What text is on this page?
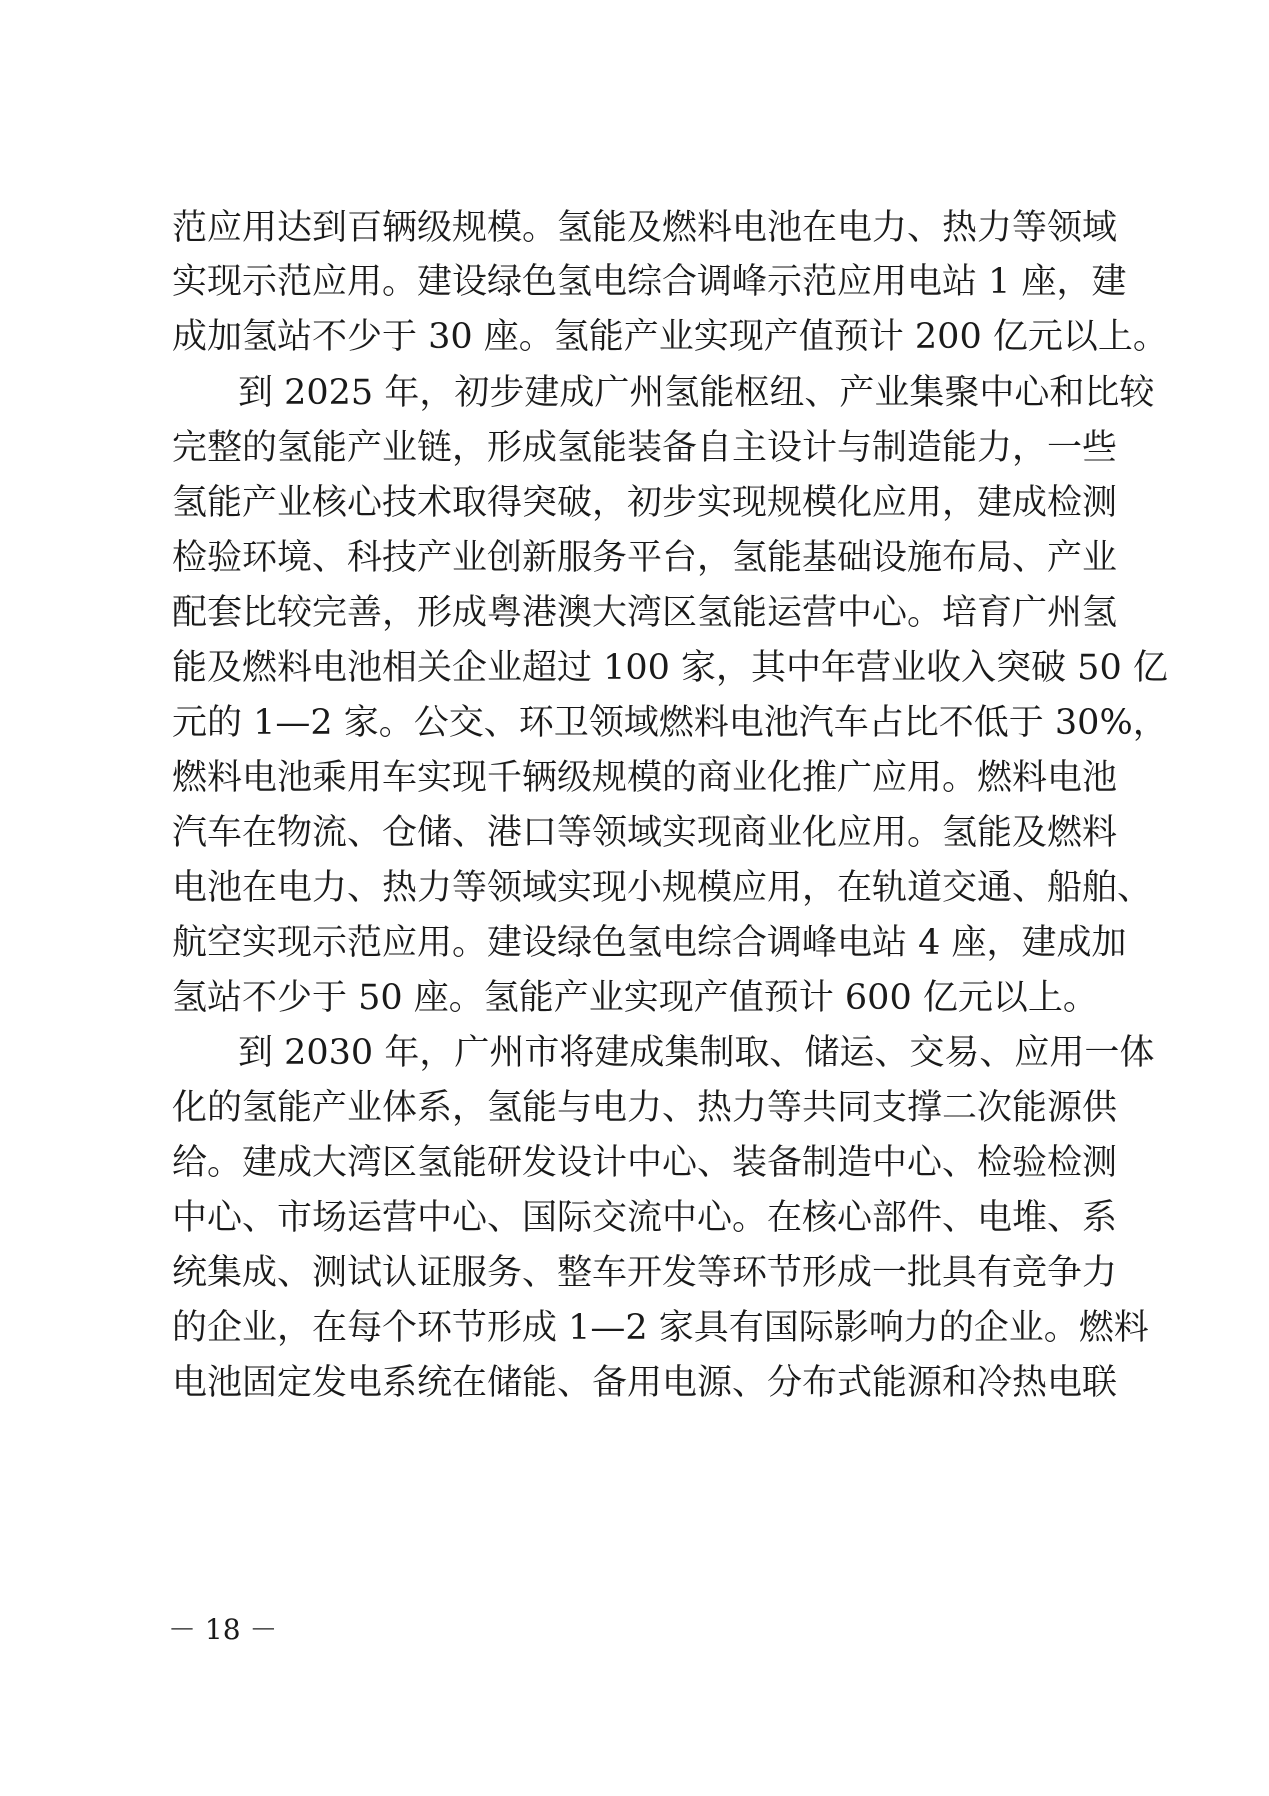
范应用达到百辆级规模。氢能及燃料电池在电力、热力等领域
实现示范应用。建设绿色氢电综合调峰示范应用电站 1 座，建
成加氢站不少于 30 座。氢能产业实现产值预计 200 亿元以上。
到 2025 年，初步建成广州氢能枢纽、产业集聚中心和比较
完整的氢能产业链，形成氢能装备自主设计与制造能力，一些
氢能产业核心技术取得突破，初步实现规模化应用，建成检测
检验环境、科技产业创新服务平台，氢能基础设施布局、产业
配套比较完善，形成粤港澳大湾区氢能运营中心。培育广州氢
能及燃料电池相关企业超过 100 家，其中年营业收入突破 50 亿
元的 1—2 家。公交、环卫领域燃料电池汽车占比不低于 30%，
燃料电池乘用车实现千辆级规模的商业化推广应用。燃料电池
汽车在物流、仓储、港口等领域实现商业化应用。氢能及燃料
电池在电力、热力等领域实现小规模应用，在轨道交通、船舶、
航空实现示范应用。建设绿色氢电综合调峰电站 4 座，建成加
氢站不少于 50 座。氢能产业实现产值预计 600 亿元以上。
到 2030 年，广州市将建成集制取、储运、交易、应用一体
化的氢能产业体系，氢能与电力、热力等共同支撑二次能源供
给。建成大湾区氢能研发设计中心、装备制造中心、检验检测
中心、市场运营中心、国际交流中心。在核心部件、电堆、系
统集成、测试认证服务、整车开发等环节形成一批具有竞争力
的企业，在每个环节形成 1—2 家具有国际影响力的企业。燃料
电池固定发电系统在储能、备用电源、分布式能源和冷热电联
－ 18 －
